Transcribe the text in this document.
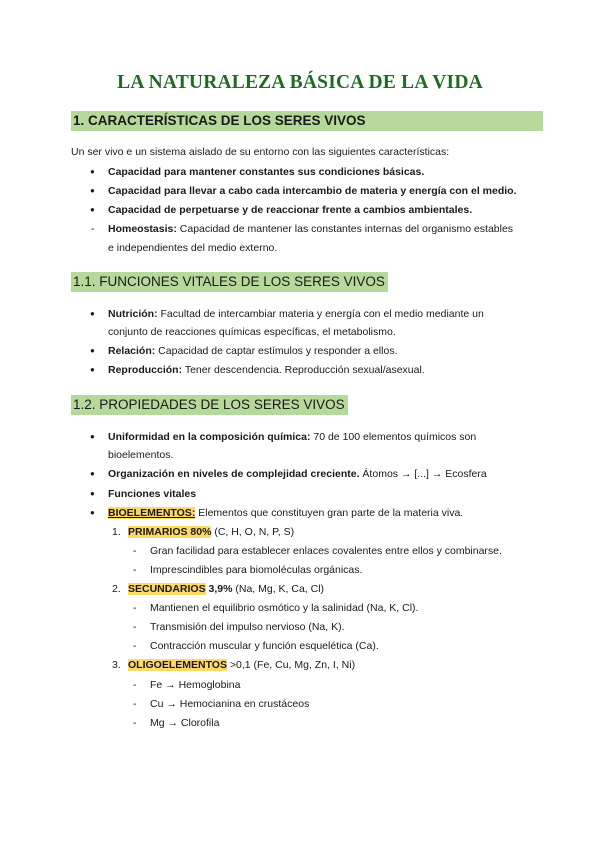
LA NATURALEZA BÁSICA DE LA VIDA
1. CARACTERÍSTICAS DE LOS SERES VIVOS
Un ser vivo e un sistema aislado de su entorno con las siguientes características:
● Capacidad para mantener constantes sus condiciones básicas.
● Capacidad para llevar a cabo cada intercambio de materia y energía con el medio.
● Capacidad de perpetuarse y de reaccionar frente a cambios ambientales.
- Homeostasis: Capacidad de mantener las constantes internas del organismo estables
e independientes del medio externo.
1.1. FUNCIONES VITALES DE LOS SERES VIVOS
● Nutrición: Facultad de intercambiar materia y energía con el medio mediante un
conjunto de reacciones químicas específicas, el metabolismo.
● Relación: Capacidad de captar estímulos y responder a ellos.
● Reproducción: Tener descendencia. Reproducción sexual/asexual.
1.2. PROPIEDADES DE LOS SERES VIVOS
● Uniformidad en la composición química: 70 de 100 elementos químicos son
bioelementos.
● Organización en niveles de complejidad creciente. Átomos → [...] → Ecosfera
● Funciones vitales
● BIOELEMENTOS: Elementos que constituyen gran parte de la materia viva.
1. PRIMARIOS 80% (C, H, O, N, P, S)
- Gran facilidad para establecer enlaces covalentes entre ellos y combinarse.
- Imprescindibles para biomoléculas orgánicas.
2. SECUNDARIOS 3,9% (Na, Mg, K, Ca, Cl)
- Mantienen el equilibrio osmótico y la salinidad (Na, K, Cl).
- Transmisión del impulso nervioso (Na, K).
- Contracción muscular y función esquelética (Ca).
3. OLIGOELEMENTOS >0,1 (Fe, Cu, Mg, Zn, I, Ni)
- Fe → Hemoglobina
- Cu → Hemocianina en crustáceos
- Mg → Clorofila
